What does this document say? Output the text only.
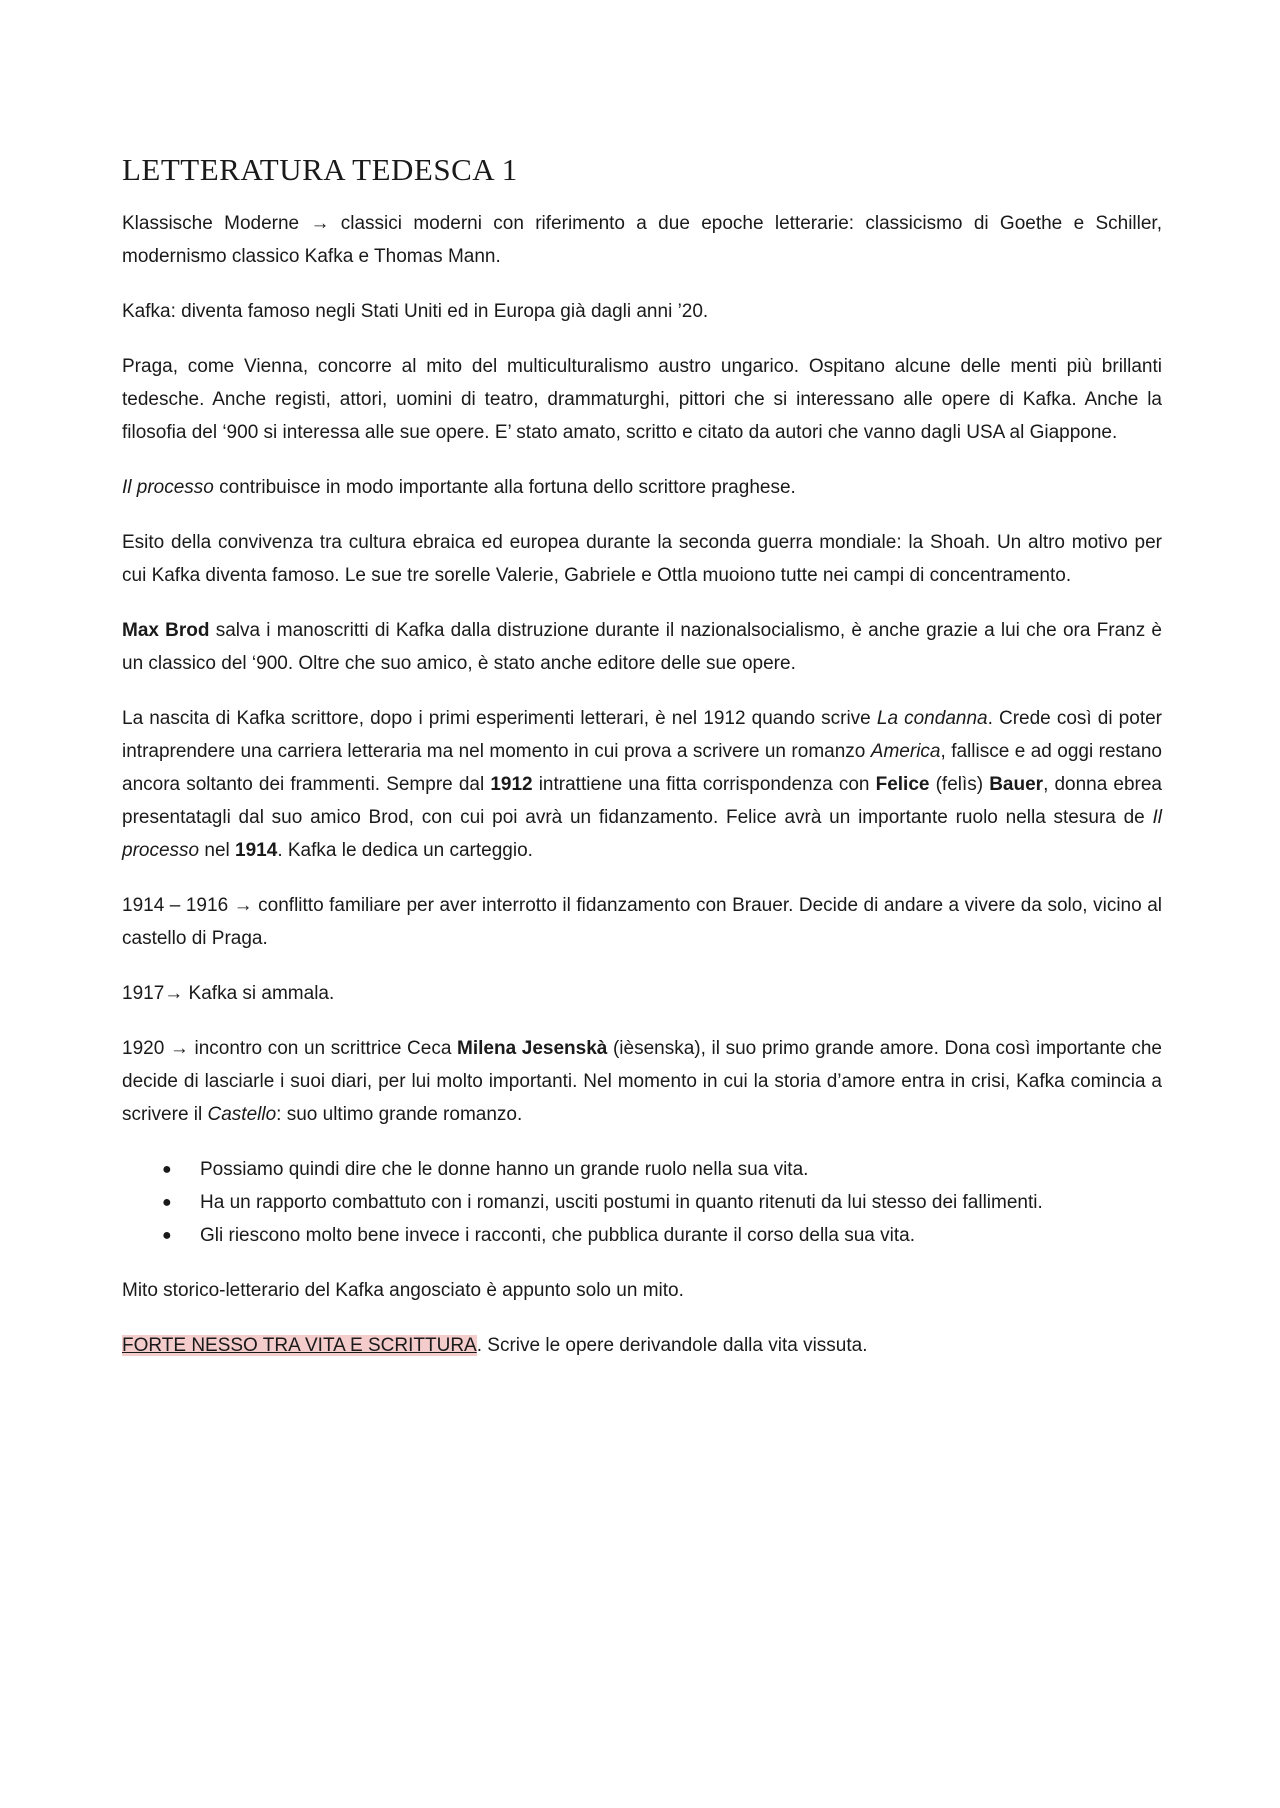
LETTERATURA TEDESCA 1

Klassische Moderne → classici moderni con riferimento a due epoche letterarie: classicismo di Goethe e Schiller, modernismo classico Kafka e Thomas Mann.

Kafka: diventa famoso negli Stati Uniti ed in Europa già dagli anni ’20.

Praga, come Vienna, concorre al mito del multiculturalismo austro ungarico. Ospitano alcune delle menti più brillanti tedesche. Anche registi, attori, uomini di teatro, drammaturghi, pittori che si interessano alle opere di Kafka. Anche la filosofia del ‘900 si interessa alle sue opere. E’ stato amato, scritto e citato da autori che vanno dagli USA al Giappone.

Il processo contribuisce in modo importante alla fortuna dello scrittore praghese.

Esito della convivenza tra cultura ebraica ed europea durante la seconda guerra mondiale: la Shoah. Un altro motivo per cui Kafka diventa famoso. Le sue tre sorelle Valerie, Gabriele e Ottla muoiono tutte nei campi di concentramento.

Max Brod salva i manoscritti di Kafka dalla distruzione durante il nazionalsocialismo, è anche grazie a lui che ora Franz è un classico del ‘900. Oltre che suo amico, è stato anche editore delle sue opere.

La nascita di Kafka scrittore, dopo i primi esperimenti letterari, è nel 1912 quando scrive La condanna. Crede così di poter intraprendere una carriera letteraria ma nel momento in cui prova a scrivere un romanzo America, fallisce e ad oggi restano ancora soltanto dei frammenti. Sempre dal 1912 intrattiene una fitta corrispondenza con Felice (felìs) Bauer, donna ebrea presentatagli dal suo amico Brod, con cui poi avrà un fidanzamento. Felice avrà un importante ruolo nella stesura de Il processo nel 1914. Kafka le dedica un carteggio.

1914 – 1916 → conflitto familiare per aver interrotto il fidanzamento con Brauer. Decide di andare a vivere da solo, vicino al castello di Praga.

1917→ Kafka si ammala.

1920 → incontro con un scrittrice Ceca Milena Jesenskà (ièsenska), il suo primo grande amore. Dona così importante che decide di lasciarle i suoi diari, per lui molto importanti. Nel momento in cui la storia d’amore entra in crisi, Kafka comincia a scrivere il Castello: suo ultimo grande romanzo.

● Possiamo quindi dire che le donne hanno un grande ruolo nella sua vita.
● Ha un rapporto combattuto con i romanzi, usciti postumi in quanto ritenuti da lui stesso dei fallimenti.
● Gli riescono molto bene invece i racconti, che pubblica durante il corso della sua vita.

Mito storico-letterario del Kafka angosciato è appunto solo un mito.

FORTE NESSO TRA VITA E SCRITTURA. Scrive le opere derivandole dalla vita vissuta.
